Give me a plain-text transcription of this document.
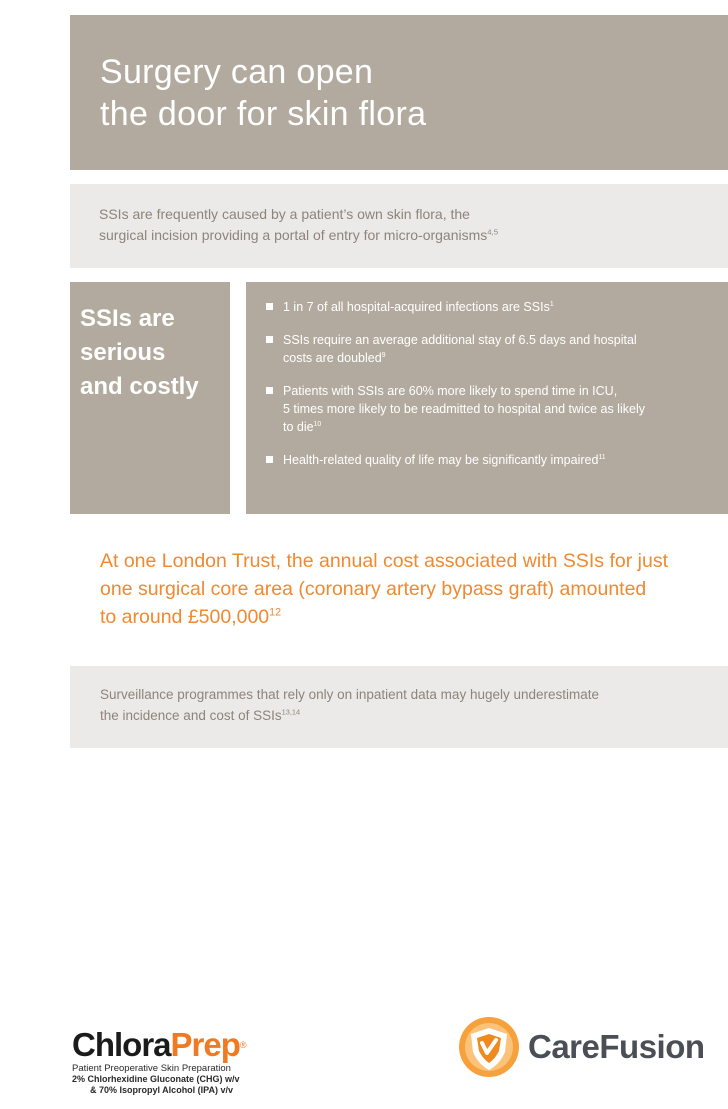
Surgery can open
the door for skin flora

SSIs are frequently caused by a patient’s own skin flora, the
surgical incision providing a portal of entry for micro-organisms$^{4,5}$

SSIs are
serious
and costly
1 in 7 of all hospital-acquired infections are SSIs$^1$
SSIs require an average additional stay of 6.5 days and hospital
costs are doubled$^9$
Patients with SSIs are 60% more likely to spend time in ICU,
5 times more likely to be readmitted to hospital and twice as likely
to die$^{10}$
Health-related quality of life may be significantly impaired$^{11}$

At one London Trust, the annual cost associated with SSIs for just
one surgical core area (coronary artery bypass graft) amounted
to around £500,000$^{12}$

Surveillance programmes that rely only on inpatient data may hugely underestimate
the incidence and cost of SSIs$^{13,14}$

ChloraPrep®
Patient Preoperative Skin Preparation
2% Chlorhexidine Gluconate (CHG) w/v
& 70% Isopropyl Alcohol (IPA) v/v
CareFusion
